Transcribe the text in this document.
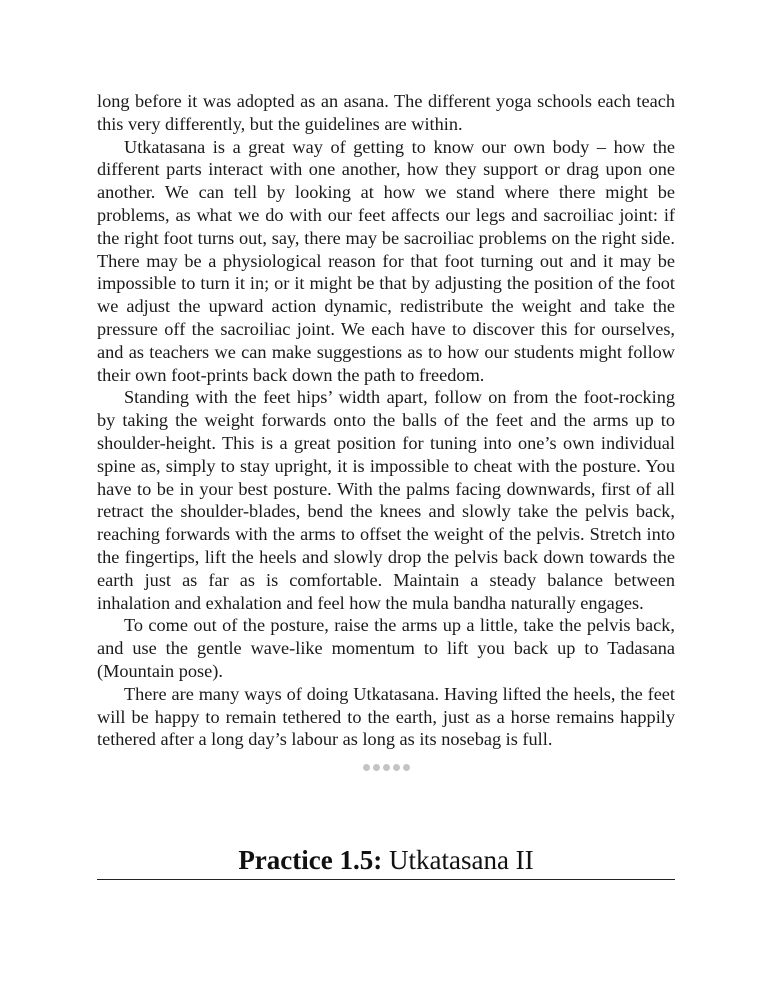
long before it was adopted as an asana. The different yoga schools each teach this very differently, but the guidelines are within.

Utkatasana is a great way of getting to know our own body – how the different parts interact with one another, how they support or drag upon one another. We can tell by looking at how we stand where there might be problems, as what we do with our feet affects our legs and sacroiliac joint: if the right foot turns out, say, there may be sacroiliac problems on the right side. There may be a physiological reason for that foot turning out and it may be impossible to turn it in; or it might be that by adjusting the position of the foot we adjust the upward action dynamic, redistribute the weight and take the pressure off the sacroiliac joint. We each have to discover this for ourselves, and as teachers we can make suggestions as to how our students might follow their own foot-prints back down the path to freedom.

Standing with the feet hips’ width apart, follow on from the foot-rocking by taking the weight forwards onto the balls of the feet and the arms up to shoulder-height. This is a great position for tuning into one’s own individual spine as, simply to stay upright, it is impossible to cheat with the posture. You have to be in your best posture. With the palms facing downwards, first of all retract the shoulder-blades, bend the knees and slowly take the pelvis back, reaching forwards with the arms to offset the weight of the pelvis. Stretch into the fingertips, lift the heels and slowly drop the pelvis back down towards the earth just as far as is comfortable. Maintain a steady balance between inhalation and exhalation and feel how the mula bandha naturally engages.

To come out of the posture, raise the arms up a little, take the pelvis back, and use the gentle wave-like momentum to lift you back up to Tadasana (Mountain pose).

There are many ways of doing Utkatasana. Having lifted the heels, the feet will be happy to remain tethered to the earth, just as a horse remains happily tethered after a long day’s labour as long as its nosebag is full.

Practice 1.5: Utkatasana II
